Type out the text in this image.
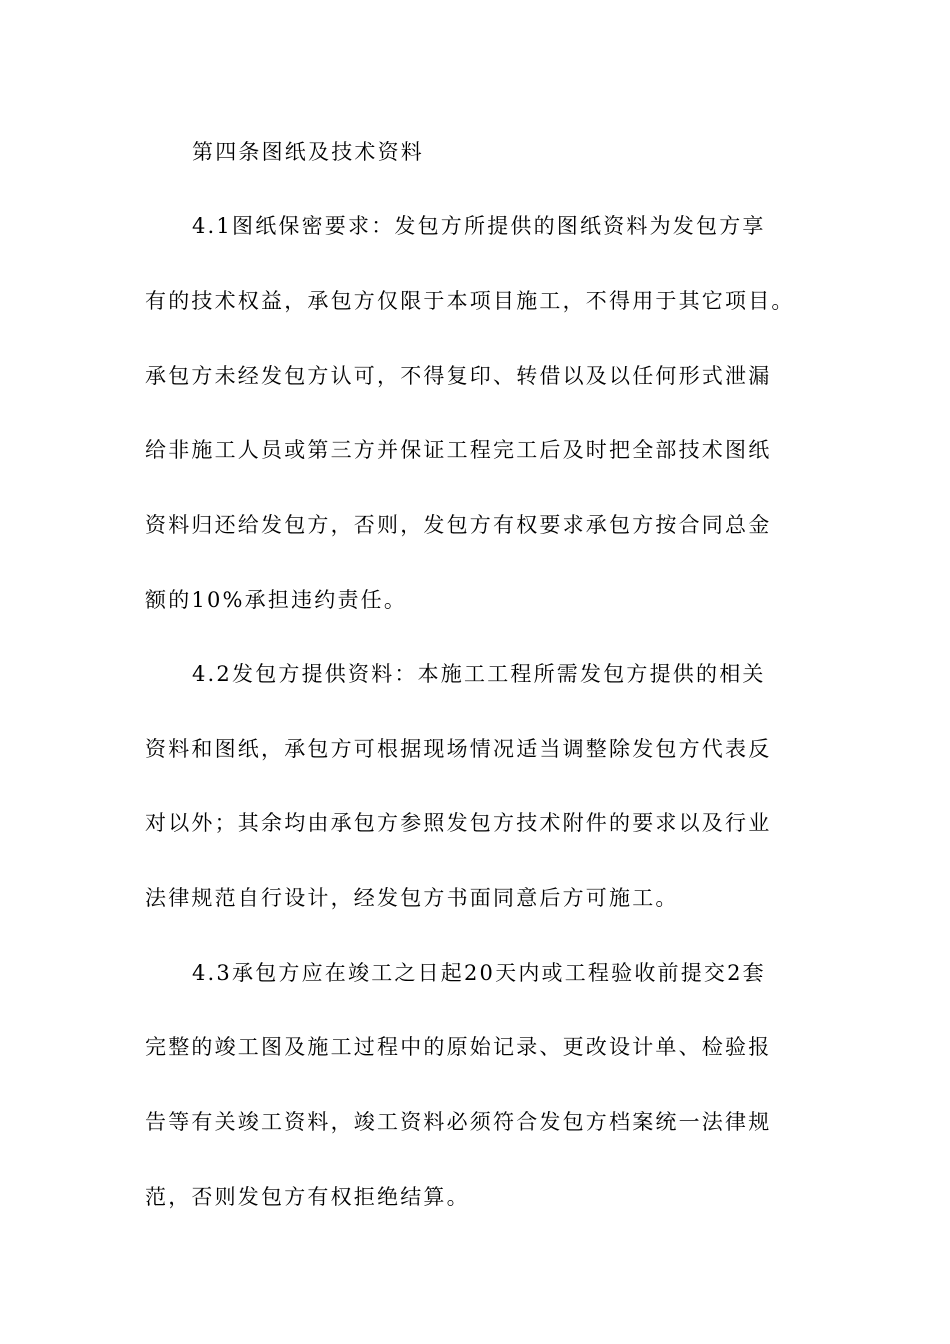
第四条图纸及技术资料
4.1图纸保密要求：发包方所提供的图纸资料为发包方享
有的技术权益，承包方仅限于本项目施工，不得用于其它项目。
承包方未经发包方认可，不得复印、转借以及以任何形式泄漏
给非施工人员或第三方并保证工程完工后及时把全部技术图纸
资料归还给发包方，否则，发包方有权要求承包方按合同总金
额的10%承担违约责任。
4.2发包方提供资料：本施工工程所需发包方提供的相关
资料和图纸，承包方可根据现场情况适当调整除发包方代表反
对以外；其余均由承包方参照发包方技术附件的要求以及行业
法律规范自行设计，经发包方书面同意后方可施工。
4.3承包方应在竣工之日起20天内或工程验收前提交2套
完整的竣工图及施工过程中的原始记录、更改设计单、检验报
告等有关竣工资料，竣工资料必须符合发包方档案统一法律规
范，否则发包方有权拒绝结算。
